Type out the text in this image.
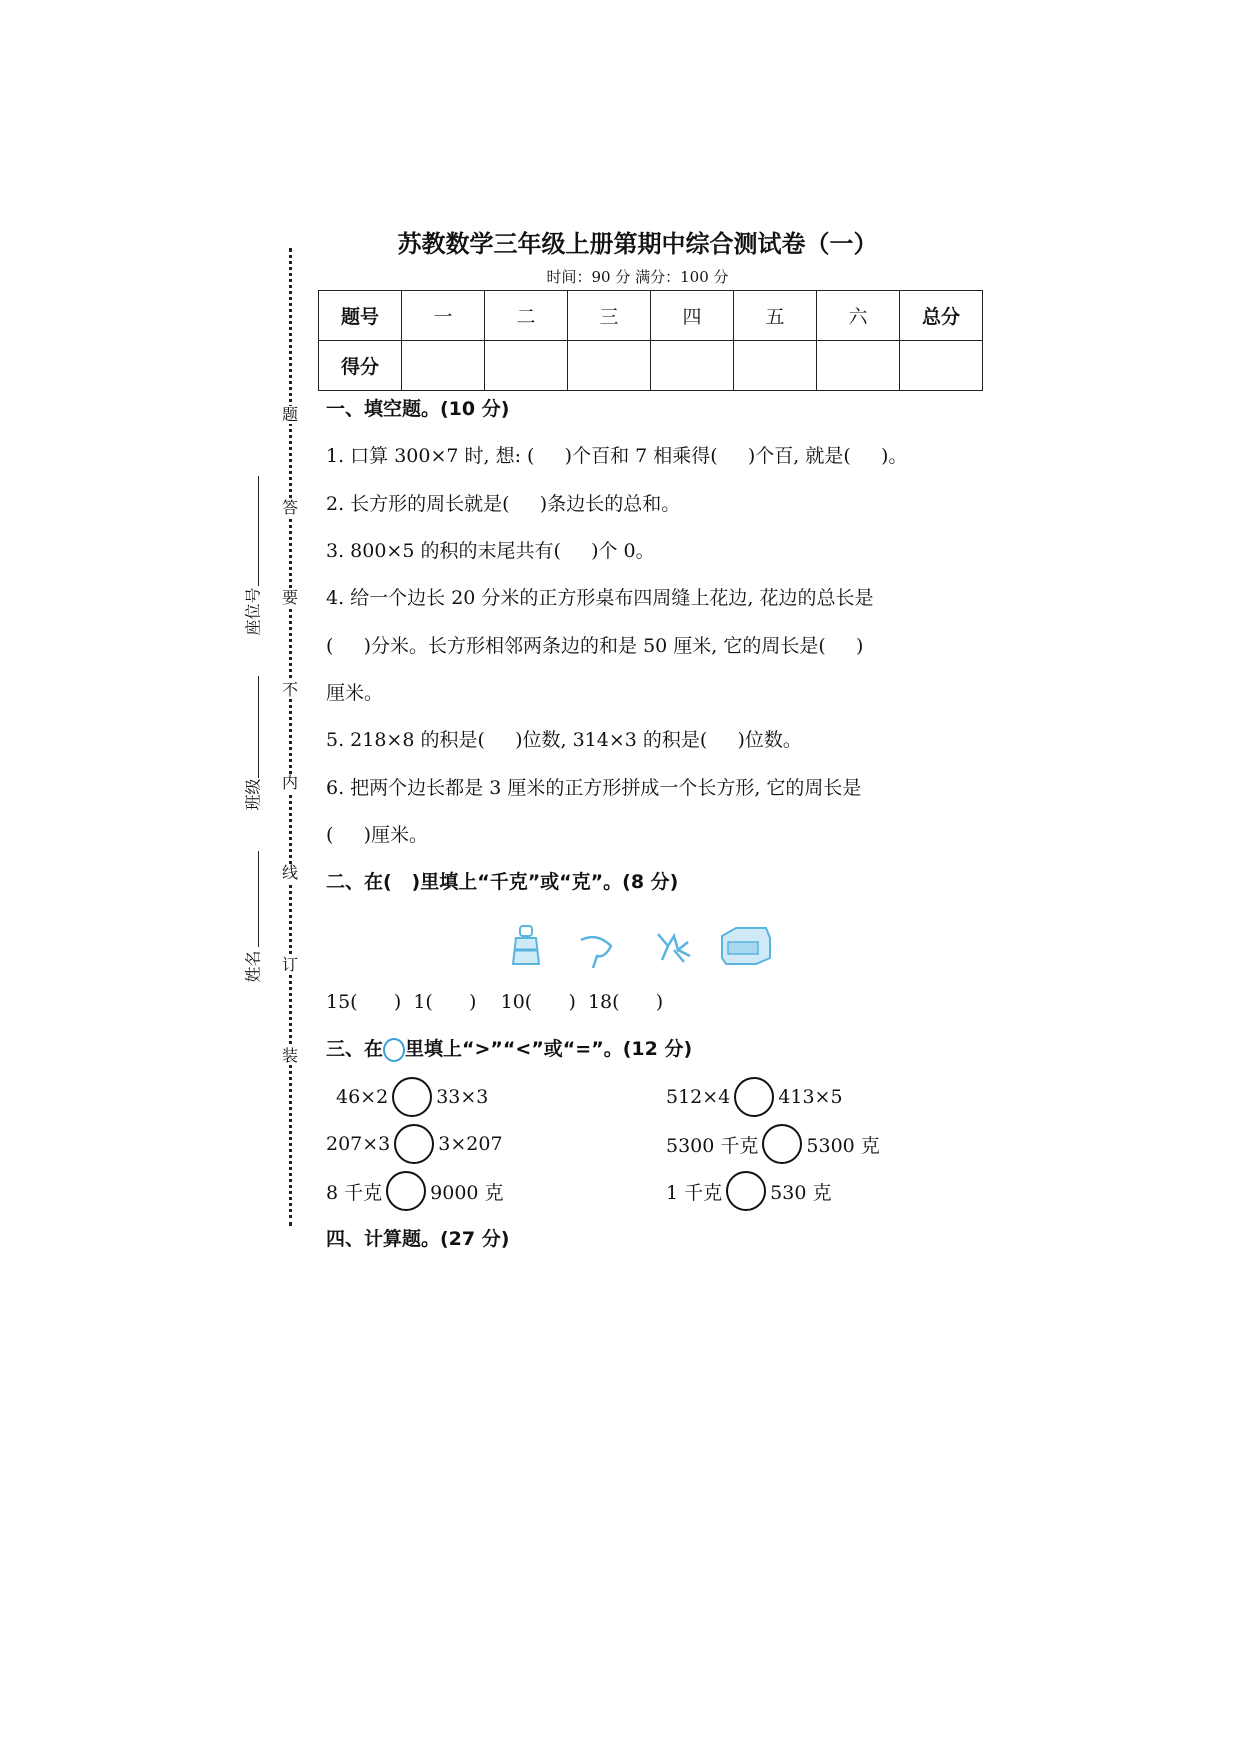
苏教数学三年级上册第期中综合测试卷（一）
时间：90 分 满分：100 分
题号	一	二	三	四	五	六	总分
得分							
题
答
要
不
内
线
订
装
座位号
班级
姓名
一、填空题。(10 分)
1. 口算 300×7 时, 想: (     )个百和 7 相乘得(     )个百, 就是(     )。
2. 长方形的周长就是(     )条边长的总和。
3. 800×5 的积的末尾共有(     )个 0。
4. 给一个边长 20 分米的正方形桌布四周缝上花边, 花边的总长是
(     )分米。长方形相邻两条边的和是 50 厘米, 它的周长是(     )
厘米。
5. 218×8 的积是(     )位数, 314×3 的积是(     )位数。
6. 把两个边长都是 3 厘米的正方形拼成一个长方形, 它的周长是
(     )厘米。
二、在(   )里填上“千克”或“克”。(8 分)
15(      )  1(      )    10(      )  18(      )
三、在 里填上“>”“<”或“=”。(12 分)
46×2	33×3	512×4	413×5
207×3	3×207	5300 千克	5300 克
8 千克	9000 克	1 千克	530 克
四、计算题。(27 分)
